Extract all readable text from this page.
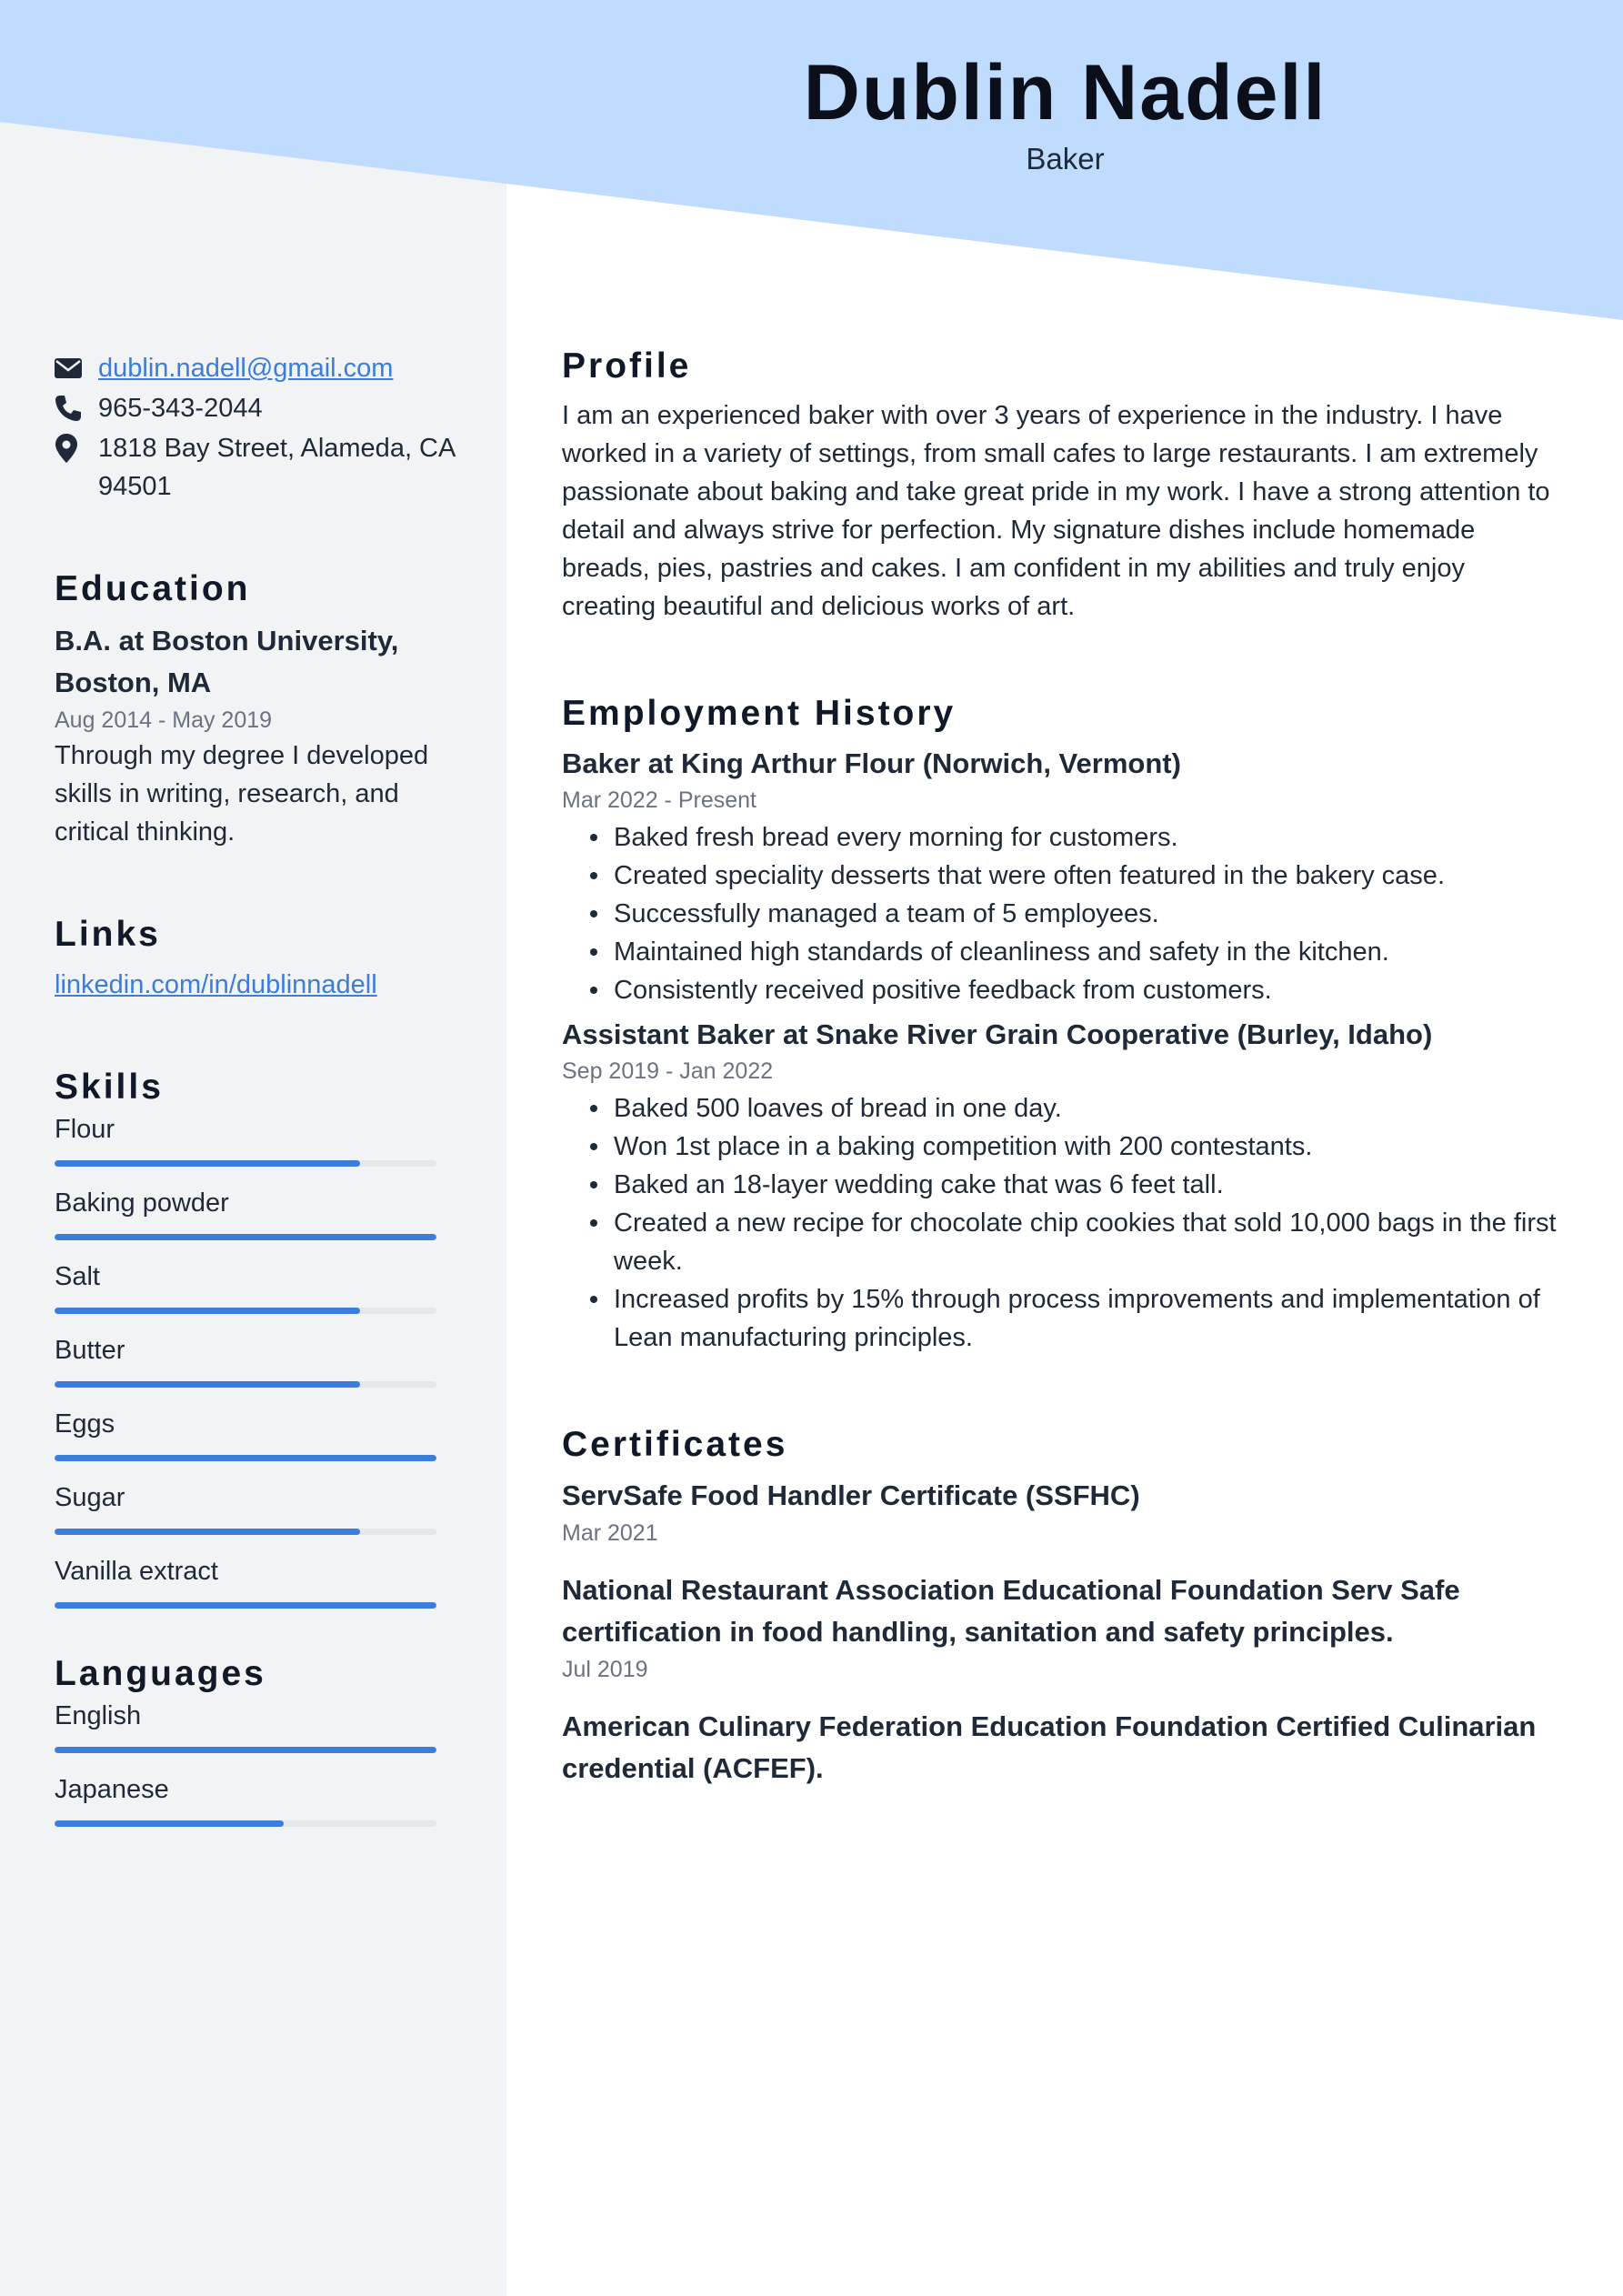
Dublin Nadell
Baker
dublin.nadell@gmail.com
965-343-2044
1818 Bay Street, Alameda, CA 94501
Education
B.A. at Boston University, Boston, MA
Aug 2014 - May 2019
Through my degree I developed skills in writing, research, and critical thinking.
Links
linkedin.com/in/dublinnadell
Skills
Flour
Baking powder
Salt
Butter
Eggs
Sugar
Vanilla extract
Languages
English
Japanese
Profile
I am an experienced baker with over 3 years of experience in the industry. I have worked in a variety of settings, from small cafes to large restaurants. I am extremely passionate about baking and take great pride in my work. I have a strong attention to detail and always strive for perfection. My signature dishes include homemade breads, pies, pastries and cakes. I am confident in my abilities and truly enjoy creating beautiful and delicious works of art.
Employment History
Baker at King Arthur Flour (Norwich, Vermont)
Mar 2022 - Present
Baked fresh bread every morning for customers.
Created speciality desserts that were often featured in the bakery case.
Successfully managed a team of 5 employees.
Maintained high standards of cleanliness and safety in the kitchen.
Consistently received positive feedback from customers.
Assistant Baker at Snake River Grain Cooperative (Burley, Idaho)
Sep 2019 - Jan 2022
Baked 500 loaves of bread in one day.
Won 1st place in a baking competition with 200 contestants.
Baked an 18-layer wedding cake that was 6 feet tall.
Created a new recipe for chocolate chip cookies that sold 10,000 bags in the first week.
Increased profits by 15% through process improvements and implementation of Lean manufacturing principles.
Certificates
ServSafe Food Handler Certificate (SSFHC)
Mar 2021
National Restaurant Association Educational Foundation Serv Safe certification in food handling, sanitation and safety principles.
Jul 2019
American Culinary Federation Education Foundation Certified Culinarian credential (ACFEF).
